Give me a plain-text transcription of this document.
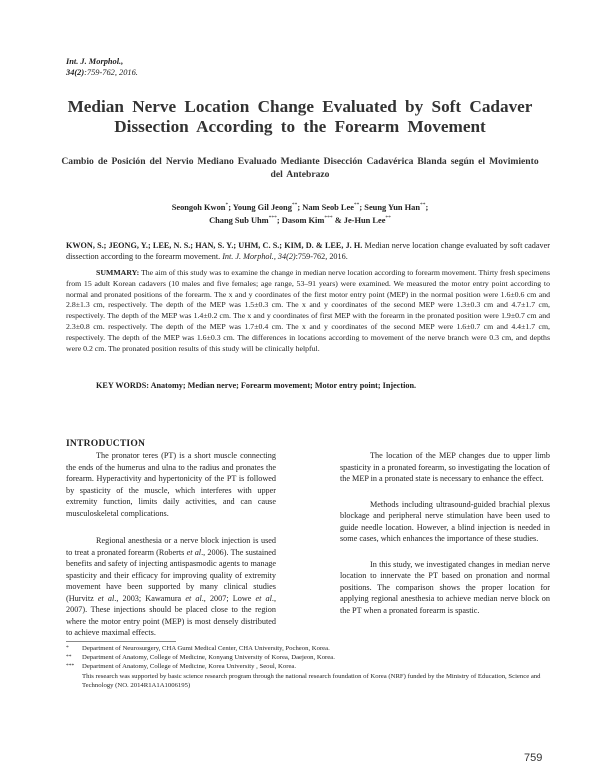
Int. J. Morphol.,
34(2):759-762, 2016.
Median Nerve Location Change Evaluated by Soft Cadaver Dissection According to the Forearm Movement
Cambio de Posición del Nervio Mediano Evaluado Mediante Disección Cadavérica Blanda según el Movimiento del Antebrazo
Seongoh Kwon*; Young Gil Jeong**; Nam Seob Lee**; Seung Yun Han**;
Chang Sub Uhm***; Dasom Kim*** & Je-Hun Lee**
KWON, S.; JEONG, Y.; LEE, N. S.; HAN, S. Y.; UHM, C. S.; KIM, D. & LEE, J. H. Median nerve location change evaluated by soft cadaver dissection according to the forearm movement. Int. J. Morphol., 34(2):759-762, 2016.
SUMMARY: The aim of this study was to examine the change in median nerve location according to forearm movement. Thirty fresh specimens from 15 adult Korean cadavers (10 males and five females; age range, 53–91 years) were examined. We measured the motor entry point according to normal and pronated positions of the forearm. The x and y coordinates of the first motor entry point (MEP) in the normal position were 1.6±0.6 cm and 2.8±1.3 cm, respectively. The depth of the MEP was 1.5±0.3 cm. The x and y coordinates of the second MEP were 1.3±0.3 cm and 4.7±1.7 cm, respectively. The depth of the MEP was 1.4±0.2 cm. The x and y coordinates of first MEP with the forearm in the pronated position were 1.9±0.7 cm and 2.3±0.8 cm. respectively. The depth of the MEP was 1.7±0.4 cm. The x and y coordinates of the second MEP were 1.6±0.7 cm and 4.4±1.7 cm, respectively. The depth of the MEP was 1.6±0.3 cm. The differences in locations according to movement of the nerve branch were 0.3 cm, and depths were 0.2 cm. The pronated position results of this study will be clinically helpful.
KEY WORDS: Anatomy; Median nerve; Forearm movement; Motor entry point; Injection.
INTRODUCTION

The pronator teres (PT) is a short muscle connecting the ends of the humerus and ulna to the radius and pronates the forearm. Hyperactivity and hypertonicity of the PT is followed by spasticity of the muscle, which interferes with upper extremity function, limits daily activities, and can cause musculoskeletal complications.

Regional anesthesia or a nerve block injection is used to treat a pronated forearm (Roberts et al., 2006). The sustained benefits and safety of injecting antispasmodic agents to manage spasticity and their efficacy for improving quality of extremity movement have been supported by many clinical studies (Hurvitz et al., 2003; Kawamura et al., 2007; Lowe et al., 2007). These injections should be placed close to the region where the motor entry point (MEP) is most densely distributed to achieve maximal effects.

The location of the MEP changes due to upper limb spasticity in a pronated forearm, so investigating the location of the MEP in a pronated state is necessary to enhance the effect.

Methods including ultrasound-guided brachial plexus blockage and peripheral nerve stimulation have been used to guide needle location. However, a blind injection is needed in some cases, which enhances the importance of these studies.

In this study, we investigated changes in median nerve location to innervate the PT based on pronation and normal positions. The comparison shows the proper location for applying regional anesthesia to achieve median nerve block on the PT when a pronated forearm is spastic.

*	Department of Neurosurgery, CHA Gumi Medical Center, CHA University, Pocheon, Korea.
**	Department of Anatomy, College of Medicine, Konyang University of Korea, Daejeon, Korea.
***	Department of Anatomy, College of Medicine, Korea University , Seoul, Korea.
This research was supported by basic science research program through the national research foundation of Korea (NRF) funded by the Ministry of Education, Science and Technology (NO. 2014R1A1A1006195)
759
